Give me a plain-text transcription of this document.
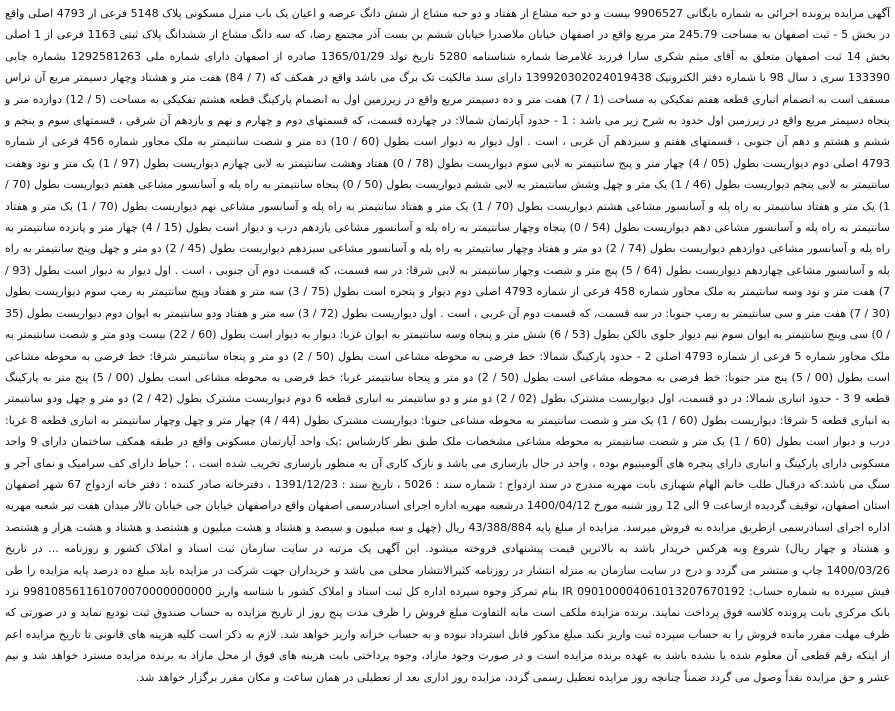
آگهی مزایده پرونده اجرائی به شماره بایگانی 9906527 بیست و دو حبه مشاع از هفتاد و دو حبه مشاع از شش دانگ عرصه و اعیان یک باب منزل مسکونی پلاک 5148 فرعی از 4793 اصلی واقع در بخش 5 - ثبت اصفهان به مساحت 245.79 متر مربع واقع در اصفهان خیابان ملاصدرا خیابان ششم بن بست آذر مجتمع رضا، که سه دانگ مشاع از ششدانگ پلاک ثبتی 1163 فرعی از 1 اصلی بخش 14 ثبت اصفهان متعلق به آقای میثم شکری سارا فرزند غلامرضا شماره شناسنامه 5280 تاریخ تولد 1365/01/29 صادره از اصفهان دارای شماره ملی 1292581263 بشماره چاپی 133390 سری د سال 98 با شماره دفتر الکترونیک 139920302024019438 دارای سند مالکیت تک برگ می باشد واقع در همکف که (7 / 84) هفت متر و هشتاد وچهار دسیمتر مربع آن تراس مسقف است به انضمام انباری قطعه هفتم تفکیکی به مساحت (1 / 7) هفت متر و ده دسیمتر مربع واقع در زیرزمین اول به انضمام پارکینگ قطعه هشتم تفکیکی به مساحت (5 / 12) دوازده متر و پنجاه دسیمتر مربع واقع در زیرزمین اول حدود به شرح زیر می باشد : 1 - حدود آپارتمان شمالا: در چهارده قسمت، که قسمتهای دوم و چهارم و نهم و یازدهم آن شرقی ، قسمتهای سوم و پنجم و ششم و هشتم و دهم آن جنوبی ، قسمتهای هفتم و سیزدهم آن غربی ، است . اول دیوار به دیوار است بطول (60 / 10) ده متر و شصت سانتیمتر به ملک مجاور شماره 456 فرعی از شماره 4793 اصلی دوم دیواریست بطول (05 / 4) چهار متر و پنج سانتیمتر به لابی سوم دیواریست بطول (78 / 0) هفتاد وهشت سانتیمتر به لابی چهارم دیواریست بطول (97 / 1) یک متر و نود وهفت سانتیمتر به لابی پنجم دیواریست بطول (46 / 1) یک متر و چهل وشش سانتیمتر به لابی ششم دیواریست بطول (50 / 0) پنجاه سانتیمتر به راه پله و آسانسور مشاعی هفتم دیواریست بطول (70 / 1) یک متر و هفتاد سانتیمتر به راه پله و آسانسور مشاعی هشتم دیواریست بطول (70 / 1) یک متر و هفتاد سانتیمتر به راه پله و آسانسور مشاعی نهم دیواریست بطول (70 / 1) یک متر و هفتاد سانتیمتر به راه پله و آسانسور مشاعی دهم دیواریست بطول (54 / 0) پنجاه وچهار سانتیمتر به راه پله و آسانسور مشاعی یازدهم درب و دیوار است بطول (15 / 4) چهار متر و پانزده سانتیمتر به راه پله و آسانسور مشاعی دوازدهم دیواریست بطول (74 / 2) دو متر و هفتاد وچهار سانتیمتر به راه پله و آسانسور مشاعی سیزدهم دیواریست بطول (45 / 2) دو متر و چهل وپنج سانتیمتر به راه پله و آسانسور مشاعی چهاردهم دیواریست بطول (64 / 5) پنج متر و شصت وچهار سانتیمتر به لابی شرقا: در سه قسمت، که قسمت دوم آن جنوبی ، است . اول دیوار به دیوار است بطول (93 / 7) هفت متر و نود وسه سانتیمتر به ملک مجاور شماره 458 فرعی از شماره 4793 اصلی دوم دیوار و پنجره است بطول (75 / 3) سه متر و هفتاد وپنج سانتیمتر به رمپ سوم دیواریست بطول (30 / 7) هفت متر و سی سانتیمتر به رمپ جنوبا: در سه قسمت، که قسمت دوم آن غربی ، است . اول دیواریست بطول (72 / 3) سه متر و هفتاد ودو سانتیمتر به ایوان دوم دیواریست بطول (35 / 0) سی وپنج سانتیمتر به ایوان سوم نیم دیوار جلوی بالکن بطول (53 / 6) شش متر و پنجاه وسه سانتیمتر به ایوان غربا: دیوار به دیوار است بطول (60 / 22) بیست ودو متر و شصت سانتیمتر به ملک مجاور شماره 5 فرعی از شماره 4793 اصلی 2 - حدود پارکینگ شمالا: خط فرضی به محوطه مشاعی است بطول (50 / 2) دو متر و پنجاه سانتیمتر شرقا: خط فرضی به محوطه مشاعی است بطول (00 / 5) پنج متر جنوبا: خط فرضی به محوطه مشاعی است بطول (50 / 2) دو متر و پنجاه سانتیمتر غربا: خط فرضی به محوطه مشاعی است بطول (00 / 5) پنج متر به پارکینگ قطعه 9 3 - حدود انباری شمالا: در دو قسمت، اول دیواریست مشترک بطول (02 / 2) دو متر و دو سانتیمتر به انباری قطعه 6 دوم دیواریست مشترک بطول (42 / 2) دو متر و چهل ودو سانتیمتر به انباری قطعه 5 شرقا: دیواریست بطول (60 / 1) یک متر و شصت سانتیمتر به محوطه مشاعی جنوبا: دیواریست مشترک بطول (44 / 4) چهار متر و چهل وچهار سانتیمتر به انباری قطعه 8 غربا: درب و دیوار است بطول (60 / 1) یک متر و شصت سانتیمتر به محوطه مشاعی مشخصات ملک طبق نظر کارشناس :یک واحد آپارتمان مسکونی واقع در طبقه همکف ساختمان دارای 9 واحد مسکونی دارای پارکینگ و انباری دارای پنجره های آلومینیوم بوده ، واحد در حال بازسازی می باشد و نازک کاری آن به منظور بازسازی تخریب شده است . ؛ حیاط دارای کف سرامیک و نمای آجر و سنگ می باشد.که درقبال طلب خانم الهام شهبازی بابت مهریه مندرج در سند ازدواج : شماره سند : 5026 ، تاریخ سند : 1391/12/23 ، دفترخانه صادر کننده : دفتر خانه ازدواج 67 شهر اصفهان استان اصفهان، توقیف گردیده ازساعت 9 الی 12 روز شنبه مورخ 1400/04/12 درشعبه مهریه اداره اجرای اسنادرسمی اصفهان واقع دراصفهان خیابان جی خیابان تالار میدان هفت تیر شعبه مهریه اداره اجرای اسنادرسمی ازطریق مزایده به فروش میرسد. مزایده از مبلغ پایه 43/388/884 ریال (چهل و سه میلیون و سیصد و هشتاد و هشت میلیون و هشتصد و هشتاد و هشت هزار و هشتصد و هشتاد و چهار ریال) شروع وبه هرکس خریدار باشد به بالاترین قیمت پیشنهادی فروخته میشود. این آگهی یک مرتبه در سایت سازمان ثبت اسناد و املاک کشور و روزنامه ... در تاریخ 1400/03/26 چاپ و منتشر می گردد و درج در سایت سازمان به منزله انتشار در روزنامه کثیرالانتشار محلی می باشد و خریداران جهت شرکت در مزایده باید مبلغ ده درصد پایه مزایده را طی فیش سپرده به شماره حساب: IR 090100004061013207670192 بنام تمرکز وجوه سپرده اداره کل ثبت اسناد و املاک کشور با شناسه واریز 998108561161070070000000000 نزد بانک مرکزی بابت پرونده کلاسه فوق پرداخت نمایند. برنده مزایده ملکف است مابه التفاوت مبلغ فروش را ظرف مدت پنج روز از تاریخ مزایده به حساب صندوق ثبت تودیع نماید و در صورتی که ظرف مهلت مقرر مانده فروش را به حساب سپرده ثبت واریز نکند مبلغ مذکور قابل استرداد نبوده و به حساب خزانه واریز خواهد شد. لازم به ذکر است کلیه هزینه های قانونی تا تاریخ مزایده اعم از اینکه رقم قطعی آن معلوم شده یا نشده باشد به عهده برنده مزایده است و در صورت وجود مازاد، وجوه پرداختی بابت هزینه های فوق از محل مازاد به برنده مزایده مسترد خواهد شد و نیم عشر و حق مزایده نقداً وصول می گردد ضمناً چنانچه روز مزایده تعطیل رسمی گردد، مزایده روز اداری بعد از تعطیلی در همان ساعت و مکان مقرر برگزار خواهد شد.
